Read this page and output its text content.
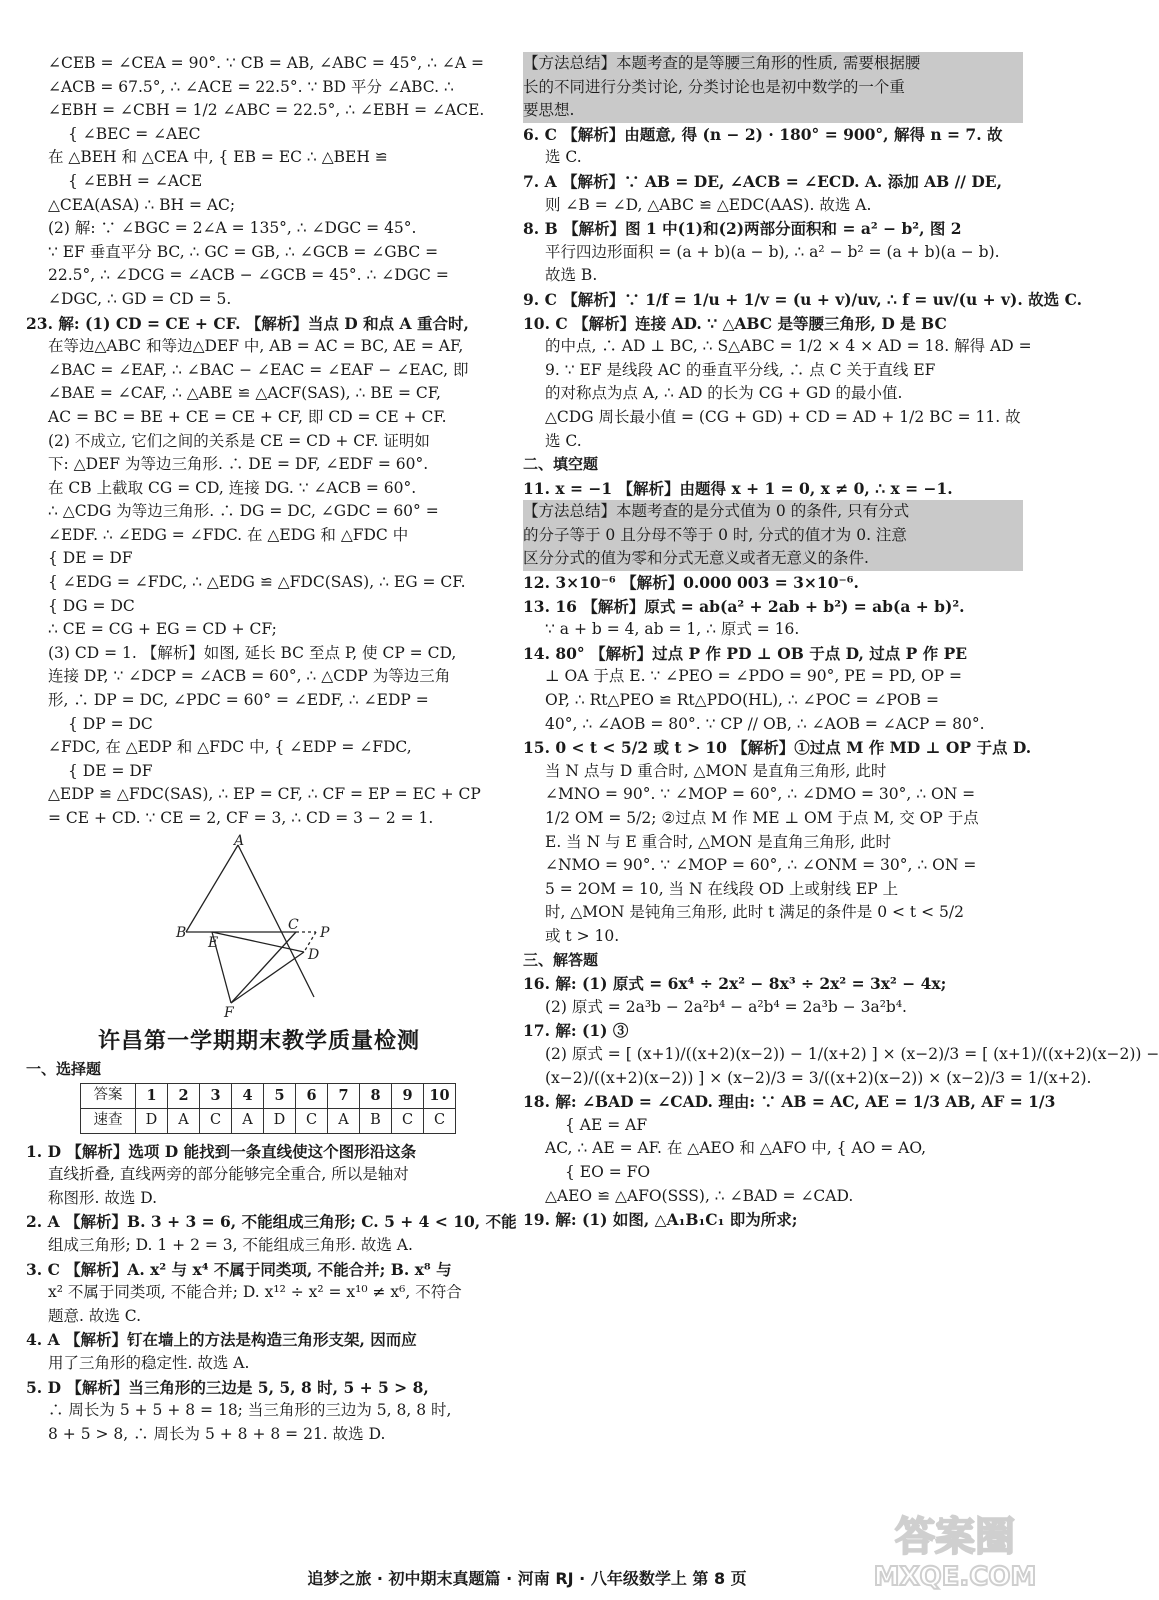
∠CEB = ∠CEA = 90°. ∵ CB = AB, ∠ABC = 45°, ∴ ∠A =
∠ACB = 67.5°, ∴ ∠ACE = 22.5°. ∵ BD 平分 ∠ABC. ∴
∠EBH = ∠CBH = 1/2 ∠ABC = 22.5°, ∴ ∠EBH = ∠ACE.
{ ∠BEC = ∠AEC
在 △BEH 和 △CEA 中, { EB = EC ∴ △BEH ≌
{ ∠EBH = ∠ACE
△CEA(ASA) ∴ BH = AC;
(2) 解: ∵ ∠BGC = 2∠A = 135°, ∴ ∠DGC = 45°.
∵ EF 垂直平分 BC, ∴ GC = GB, ∴ ∠GCB = ∠GBC =
22.5°, ∴ ∠DCG = ∠ACB − ∠GCB = 45°. ∴ ∠DGC =
∠DGC, ∴ GD = CD = 5.
23. 解: (1) CD = CE + CF. 【解析】当点 D 和点 A 重合时,
在等边△ABC 和等边△DEF 中, AB = AC = BC, AE = AF,
∠BAC = ∠EAF, ∴ ∠BAC − ∠EAC = ∠EAF − ∠EAC, 即
∠BAE = ∠CAF, ∴ △ABE ≌ △ACF(SAS), ∴ BE = CF,
AC = BC = BE + CE = CE + CF, 即 CD = CE + CF.
(2) 不成立, 它们之间的关系是 CE = CD + CF. 证明如
下: △DEF 为等边三角形. ∴ DE = DF, ∠EDF = 60°.
在 CB 上截取 CG = CD, 连接 DG. ∵ ∠ACB = 60°.
∴ △CDG 为等边三角形. ∴ DG = DC, ∠GDC = 60° =
∠EDF. ∴ ∠EDG = ∠FDC. 在 △EDG 和 △FDC 中
{ DE = DF
{ ∠EDG = ∠FDC, ∴ △EDG ≌ △FDC(SAS), ∴ EG = CF.
{ DG = DC
∴ CE = CG + EG = CD + CF;
(3) CD = 1. 【解析】如图, 延长 BC 至点 P, 使 CP = CD,
连接 DP, ∵ ∠DCP = ∠ACB = 60°, ∴ △CDP 为等边三角
形, ∴ DP = DC, ∠PDC = 60° = ∠EDF, ∴ ∠EDP =
{ DP = DC
∠FDC, 在 △EDP 和 △FDC 中, { ∠EDP = ∠FDC,
{ DE = DF
△EDP ≌ △FDC(SAS), ∴ EP = CF, ∴ CF = EP = EC + CP
= CE + CD. ∵ CE = 2, CF = 3, ∴ CD = 3 − 2 = 1.
A
B	C P
E
D
F
许昌第一学期期末教学质量检测
一、选择题
答案	1	2	3	4	5	6	7	8	9	10
速查	D	A	C	A	D	C	A	B	C	C
1. D 【解析】选项 D 能找到一条直线使这个图形沿这条
直线折叠, 直线两旁的部分能够完全重合, 所以是轴对
称图形. 故选 D.
2. A 【解析】B. 3 + 3 = 6, 不能组成三角形; C. 5 + 4 < 10, 不能
组成三角形; D. 1 + 2 = 3, 不能组成三角形. 故选 A.
3. C 【解析】A. x² 与 x⁴ 不属于同类项, 不能合并; B. x⁸ 与
x² 不属于同类项, 不能合并; D. x¹² ÷ x² = x¹⁰ ≠ x⁶, 不符合
题意. 故选 C.
4. A 【解析】钉在墙上的方法是构造三角形支架, 因而应
用了三角形的稳定性. 故选 A.
5. D 【解析】当三角形的三边是 5, 5, 8 时, 5 + 5 > 8,
∴ 周长为 5 + 5 + 8 = 18; 当三角形的三边为 5, 8, 8 时,
8 + 5 > 8, ∴ 周长为 5 + 8 + 8 = 21. 故选 D.
【方法总结】本题考查的是等腰三角形的性质, 需要根据腰
长的不同进行分类讨论, 分类讨论也是初中数学的一个重
要思想.
6. C 【解析】由题意, 得 (n − 2) · 180° = 900°, 解得 n = 7. 故
选 C.
7. A 【解析】∵ AB = DE, ∠ACB = ∠ECD. A. 添加 AB // DE,
则 ∠B = ∠D, △ABC ≌ △EDC(AAS). 故选 A.
8. B 【解析】图 1 中(1)和(2)两部分面积和 = a² − b², 图 2
平行四边形面积 = (a + b)(a − b), ∴ a² − b² = (a + b)(a − b).
故选 B.
9. C 【解析】∵ 1/f = 1/u + 1/v = (u + v)/uv, ∴ f = uv/(u + v). 故选 C.
10. C 【解析】连接 AD. ∵ △ABC 是等腰三角形, D 是 BC
的中点, ∴ AD ⊥ BC, ∴ S△ABC = 1/2 × 4 × AD = 18. 解得 AD =
9. ∵ EF 是线段 AC 的垂直平分线, ∴ 点 C 关于直线 EF
的对称点为点 A, ∴ AD 的长为 CG + GD 的最小值.
△CDG 周长最小值 = (CG + GD) + CD = AD + 1/2 BC = 11. 故
选 C.
二、填空题
11. x = −1 【解析】由题得 x + 1 = 0, x ≠ 0, ∴ x = −1.
【方法总结】本题考查的是分式值为 0 的条件, 只有分式
的分子等于 0 且分母不等于 0 时, 分式的值才为 0. 注意
区分分式的值为零和分式无意义或者无意义的条件.
12. 3×10⁻⁶ 【解析】0.000 003 = 3×10⁻⁶.
13. 16 【解析】原式 = ab(a² + 2ab + b²) = ab(a + b)².
∵ a + b = 4, ab = 1, ∴ 原式 = 16.
14. 80° 【解析】过点 P 作 PD ⊥ OB 于点 D, 过点 P 作 PE
⊥ OA 于点 E. ∵ ∠PEO = ∠PDO = 90°, PE = PD, OP =
OP, ∴ Rt△PEO ≌ Rt△PDO(HL), ∴ ∠POC = ∠POB =
40°, ∴ ∠AOB = 80°. ∵ CP // OB, ∴ ∠AOB = ∠ACP = 80°.
15. 0 < t < 5/2 或 t > 10 【解析】①过点 M 作 MD ⊥ OP 于点 D.
当 N 点与 D 重合时, △MON 是直角三角形, 此时
∠MNO = 90°. ∵ ∠MOP = 60°, ∴ ∠DMO = 30°, ∴ ON =
1/2 OM = 5/2; ②过点 M 作 ME ⊥ OM 于点 M, 交 OP 于点
E. 当 N 与 E 重合时, △MON 是直角三角形, 此时
∠NMO = 90°. ∵ ∠MOP = 60°, ∴ ∠ONM = 30°, ∴ ON =
5 = 2OM = 10, 当 N 在线段 OD 上或射线 EP 上
时, △MON 是钝角三角形, 此时 t 满足的条件是 0 < t < 5/2
或 t > 10.
三、解答题
16. 解: (1) 原式 = 6x⁴ ÷ 2x² − 8x³ ÷ 2x² = 3x² − 4x;
(2) 原式 = 2a³b − 2a²b⁴ − a²b⁴ = 2a³b − 3a²b⁴.
17. 解: (1) ③
(2) 原式 = [ (x+1)/((x+2)(x−2)) − 1/(x+2) ] × (x−2)/3 = [ (x+1)/((x+2)(x−2)) −
(x−2)/((x+2)(x−2)) ] × (x−2)/3 = 3/((x+2)(x−2)) × (x−2)/3 = 1/(x+2).
18. 解: ∠BAD = ∠CAD. 理由: ∵ AB = AC, AE = 1/3 AB, AF = 1/3
{ AE = AF
AC, ∴ AE = AF. 在 △AEO 和 △AFO 中, { AO = AO,
{ EO = FO
△AEO ≌ △AFO(SSS), ∴ ∠BAD = ∠CAD.
19. 解: (1) 如图, △A₁B₁C₁ 即为所求;
追梦之旅 · 初中期末真题篇 · 河南 RJ · 八年级数学上 第 8 页
答案圈
MXQE.COM
